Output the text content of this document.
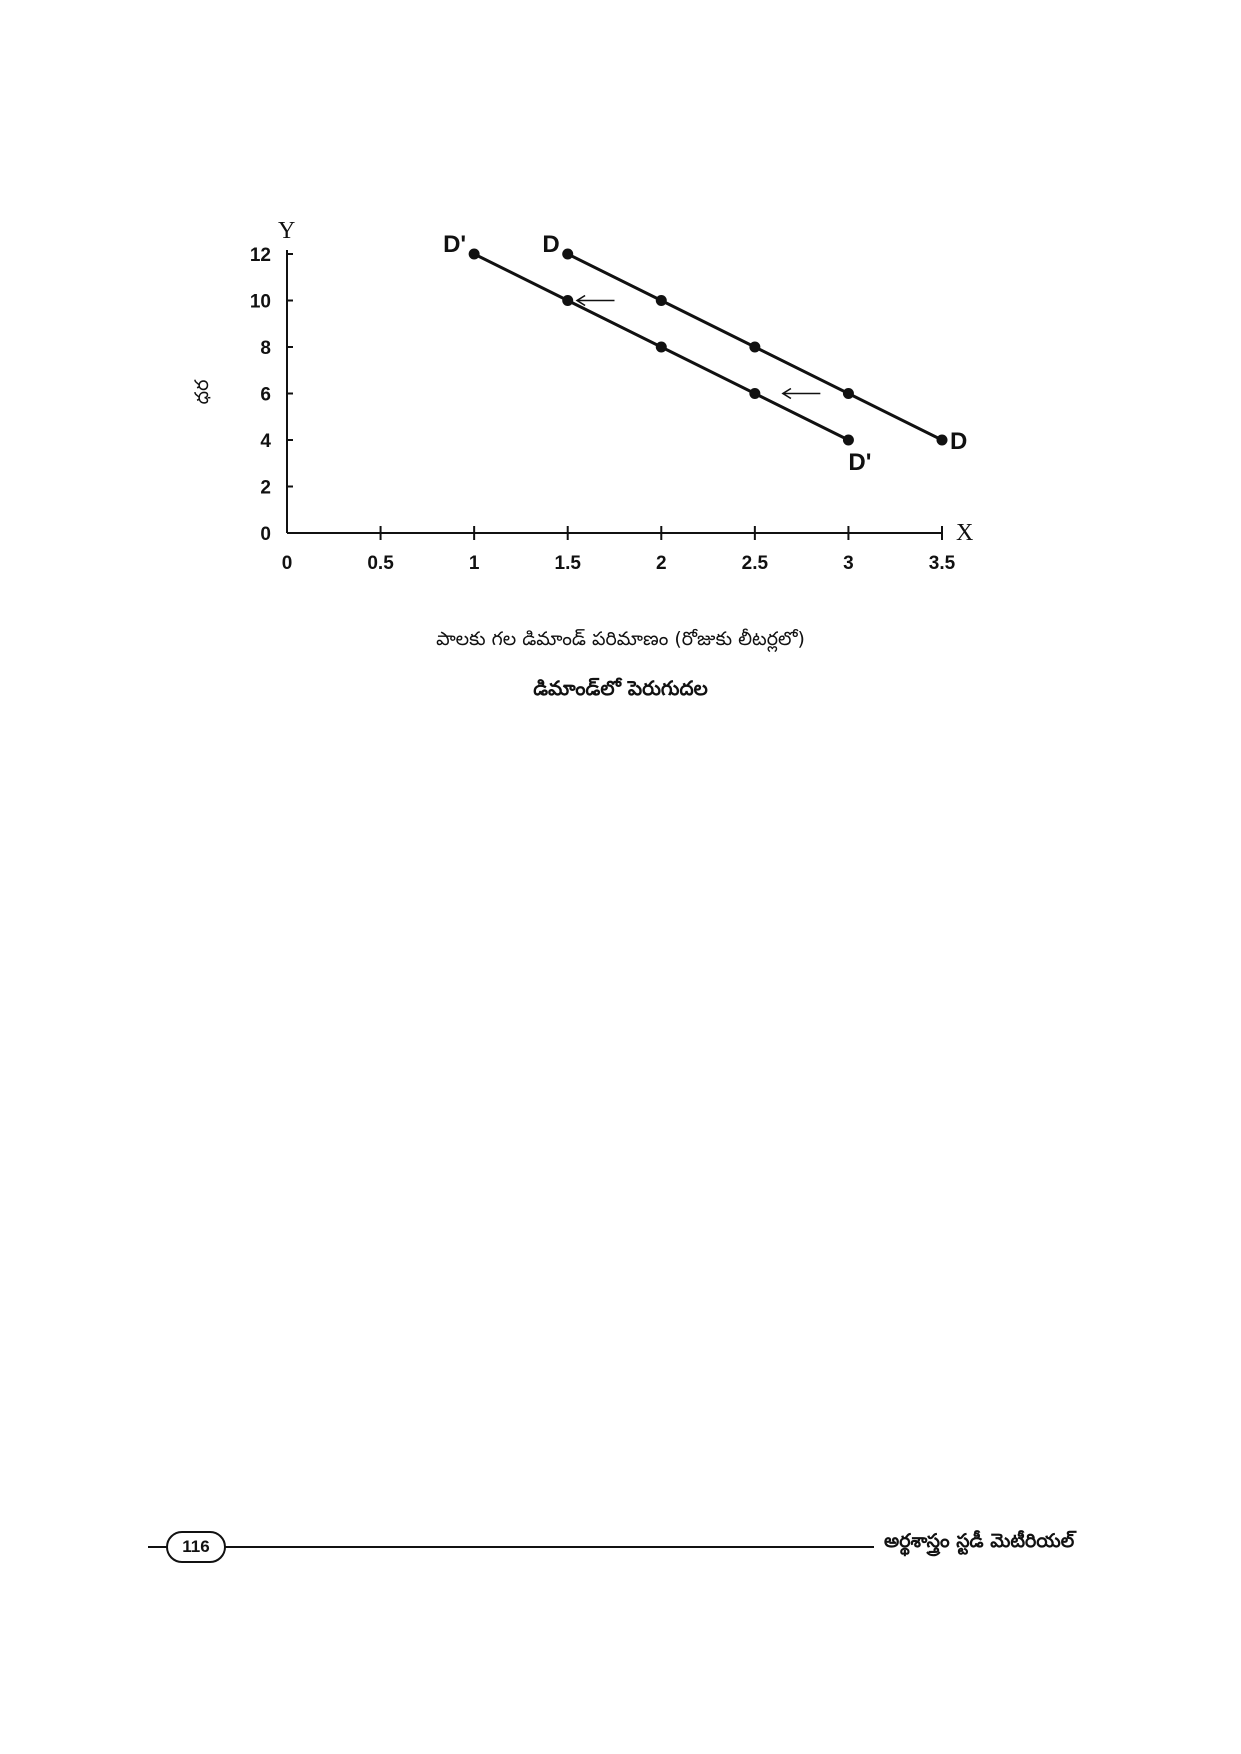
0	0.5	1	1.5	2	2.5	3	3.5
0
2
4
6
8
10
12	D
D
D'
D'
Y
X
ధర
పాలకు గల డిమాండ్ పరిమాణం (రోజుకు లీటర్లలో)
డిమాండ్‌లో పెరుగుదల
116	అర్థశాస్త్రం స్టడీ మెటీరియల్
